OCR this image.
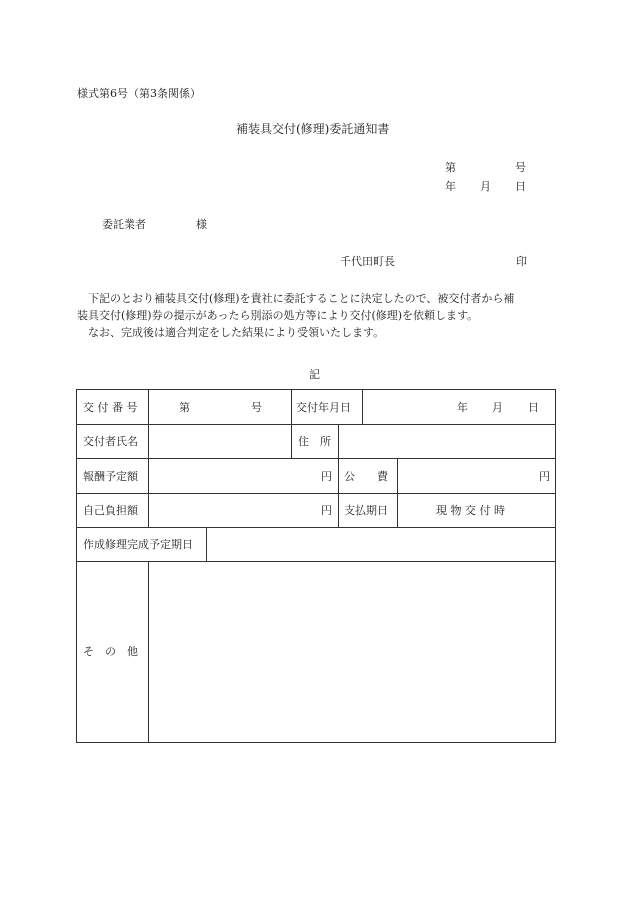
様式第6号（第3条関係）
補装具交付(修理)委託通知書
第	号
年 月 日
委託業者	様
千代田町長	印
　下記のとおり補装具交付(修理)を貴社に委託することに決定したので、被交付者から補
装具交付(修理)券の提示があったら別添の処方等により交付(修理)を依頼します。
　なお、完成後は適合判定をした結果により受領いたします。
記
交 付 番 号	第	号	交付年月日	年 月 日
交付者氏名	住　所
報酬予定額	円 公　　費	円
自己負担額	円 支払期日	現 物 交 付 時
作成修理完成予定期日
そ　の　他
